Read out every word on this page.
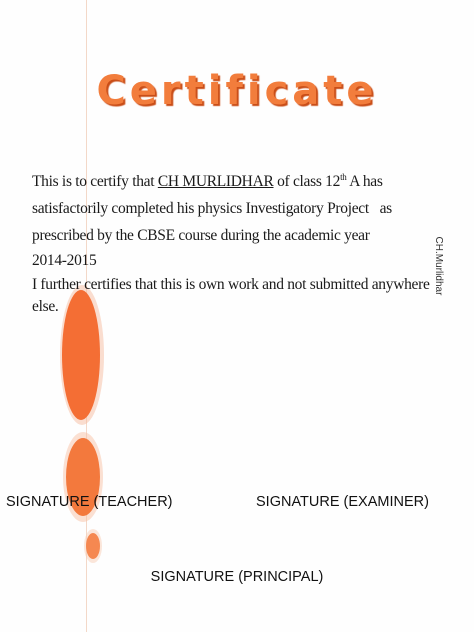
Certificate

This is to certify that CH MURLIDHAR of class 12th A has

satisfactorily completed his physics Investigatory Project   as

prescribed by the CBSE course during the academic year

2014-2015

I further certifies that this is own work and not submitted anywhere else.

CH.Murlidhar
SIGNATURE (TEACHER)	SIGNATURE (EXAMINER)
SIGNATURE (PRINCIPAL)
